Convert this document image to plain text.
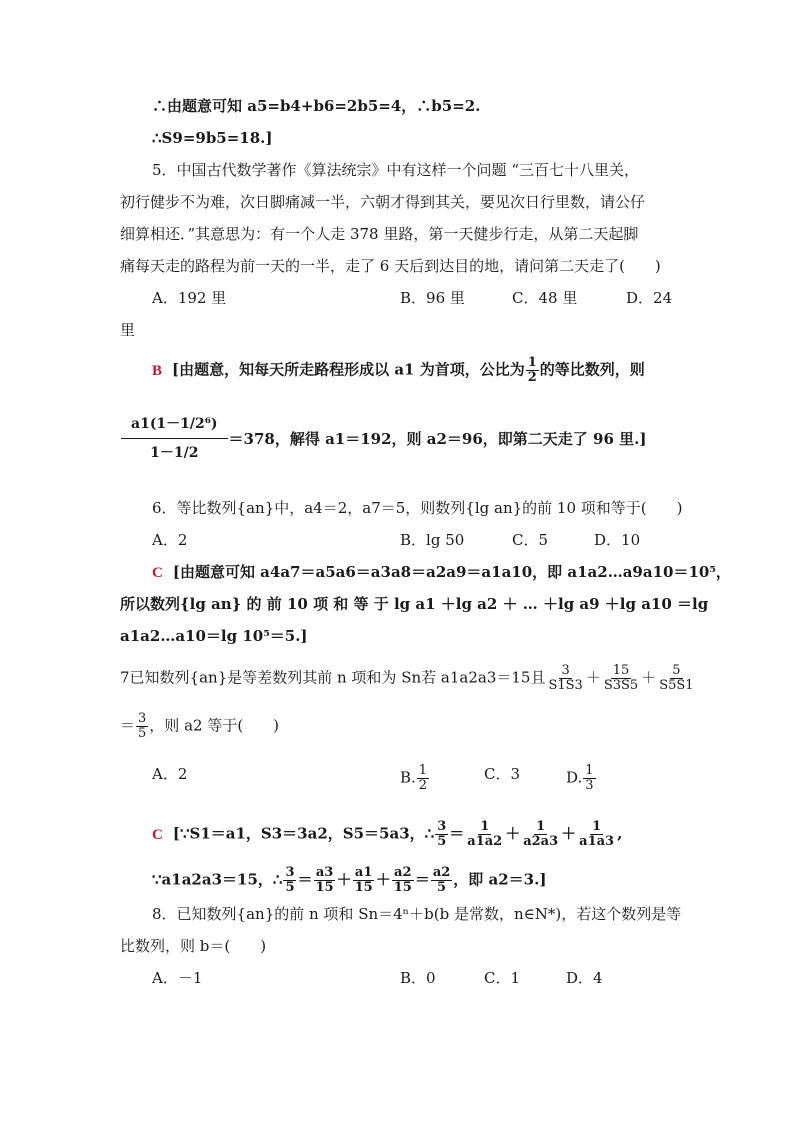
∴由题意可知 a5=b4+b6=2b5=4，∴b5=2.
∴S9=9b5=18.]
5．中国古代数学著作《算法统宗》中有这样一个问题 “三百七十八里关，
初行健步不为难，次日脚痛减一半，六朝才得到其关，要见次日行里数，请公仔
细算相还．”其意思为：有一个人走 378 里路，第一天健步行走，从第二天起脚
痛每天走的路程为前一天的一半，走了 6 天后到达目的地，请问第二天走了(　　)
A．192 里	B．96 里	C．48 里	D．24
里
B [由题意，知每天所走路程形成以 a1 为首项，公比为 $\frac{1}{2}$ 的等比数列，则
$\frac{\text{a1(1－1/2⁶)}}{1-1/2} =378$，解得 a1＝192，则 a2＝96，即第二天走了 96 里.]
6．等比数列{an}中，a4＝2，a7＝5，则数列{lg an}的前 10 项和等于(　　)
A．2	B．lg 50	C．5	D．10
C [由题意可知 a4a7＝a5a6＝a3a8＝a2a9＝a1a10，即 a1a2…a9a10＝10⁵，
所以数列{lg an} 的 前 10 项 和 等 于 lg a1 ＋lg a2 ＋ … ＋lg a9 ＋lg a10 ＝lg
a1a2…a10＝lg 10⁵＝5.]
7已知数列{an}是等差数列其前 n 项和为 Sn若 a1a2a3＝15且 $\frac{3}{S1S3} + \frac{15}{S3S5} + \frac{5}{S5S1}$
＝ $\frac{3}{5}$ ，则 a2 等于(　　)
A．2	B. $\frac{1}{2}$	C．3	D. $\frac{1}{3}$
C [∵S1＝a1，S3＝3a2，S5＝5a3，∴ $\frac{3}{5} = \frac{1}{a1a2} + \frac{1}{a2a3} + \frac{1}{a1a3}$ ,
∵a1a2a3＝15，∴ $\frac{3}{5} = \frac{a3}{15} + \frac{a1}{15} + \frac{a2}{15} = \frac{a2}{5}$ ，即 a2＝3.]
8．已知数列{an}的前 n 项和 Sn＝4ⁿ＋b(b 是常数，n∈N*)，若这个数列是等
比数列，则 b＝(　　)
A．－1	B．0	C．1	D．4
